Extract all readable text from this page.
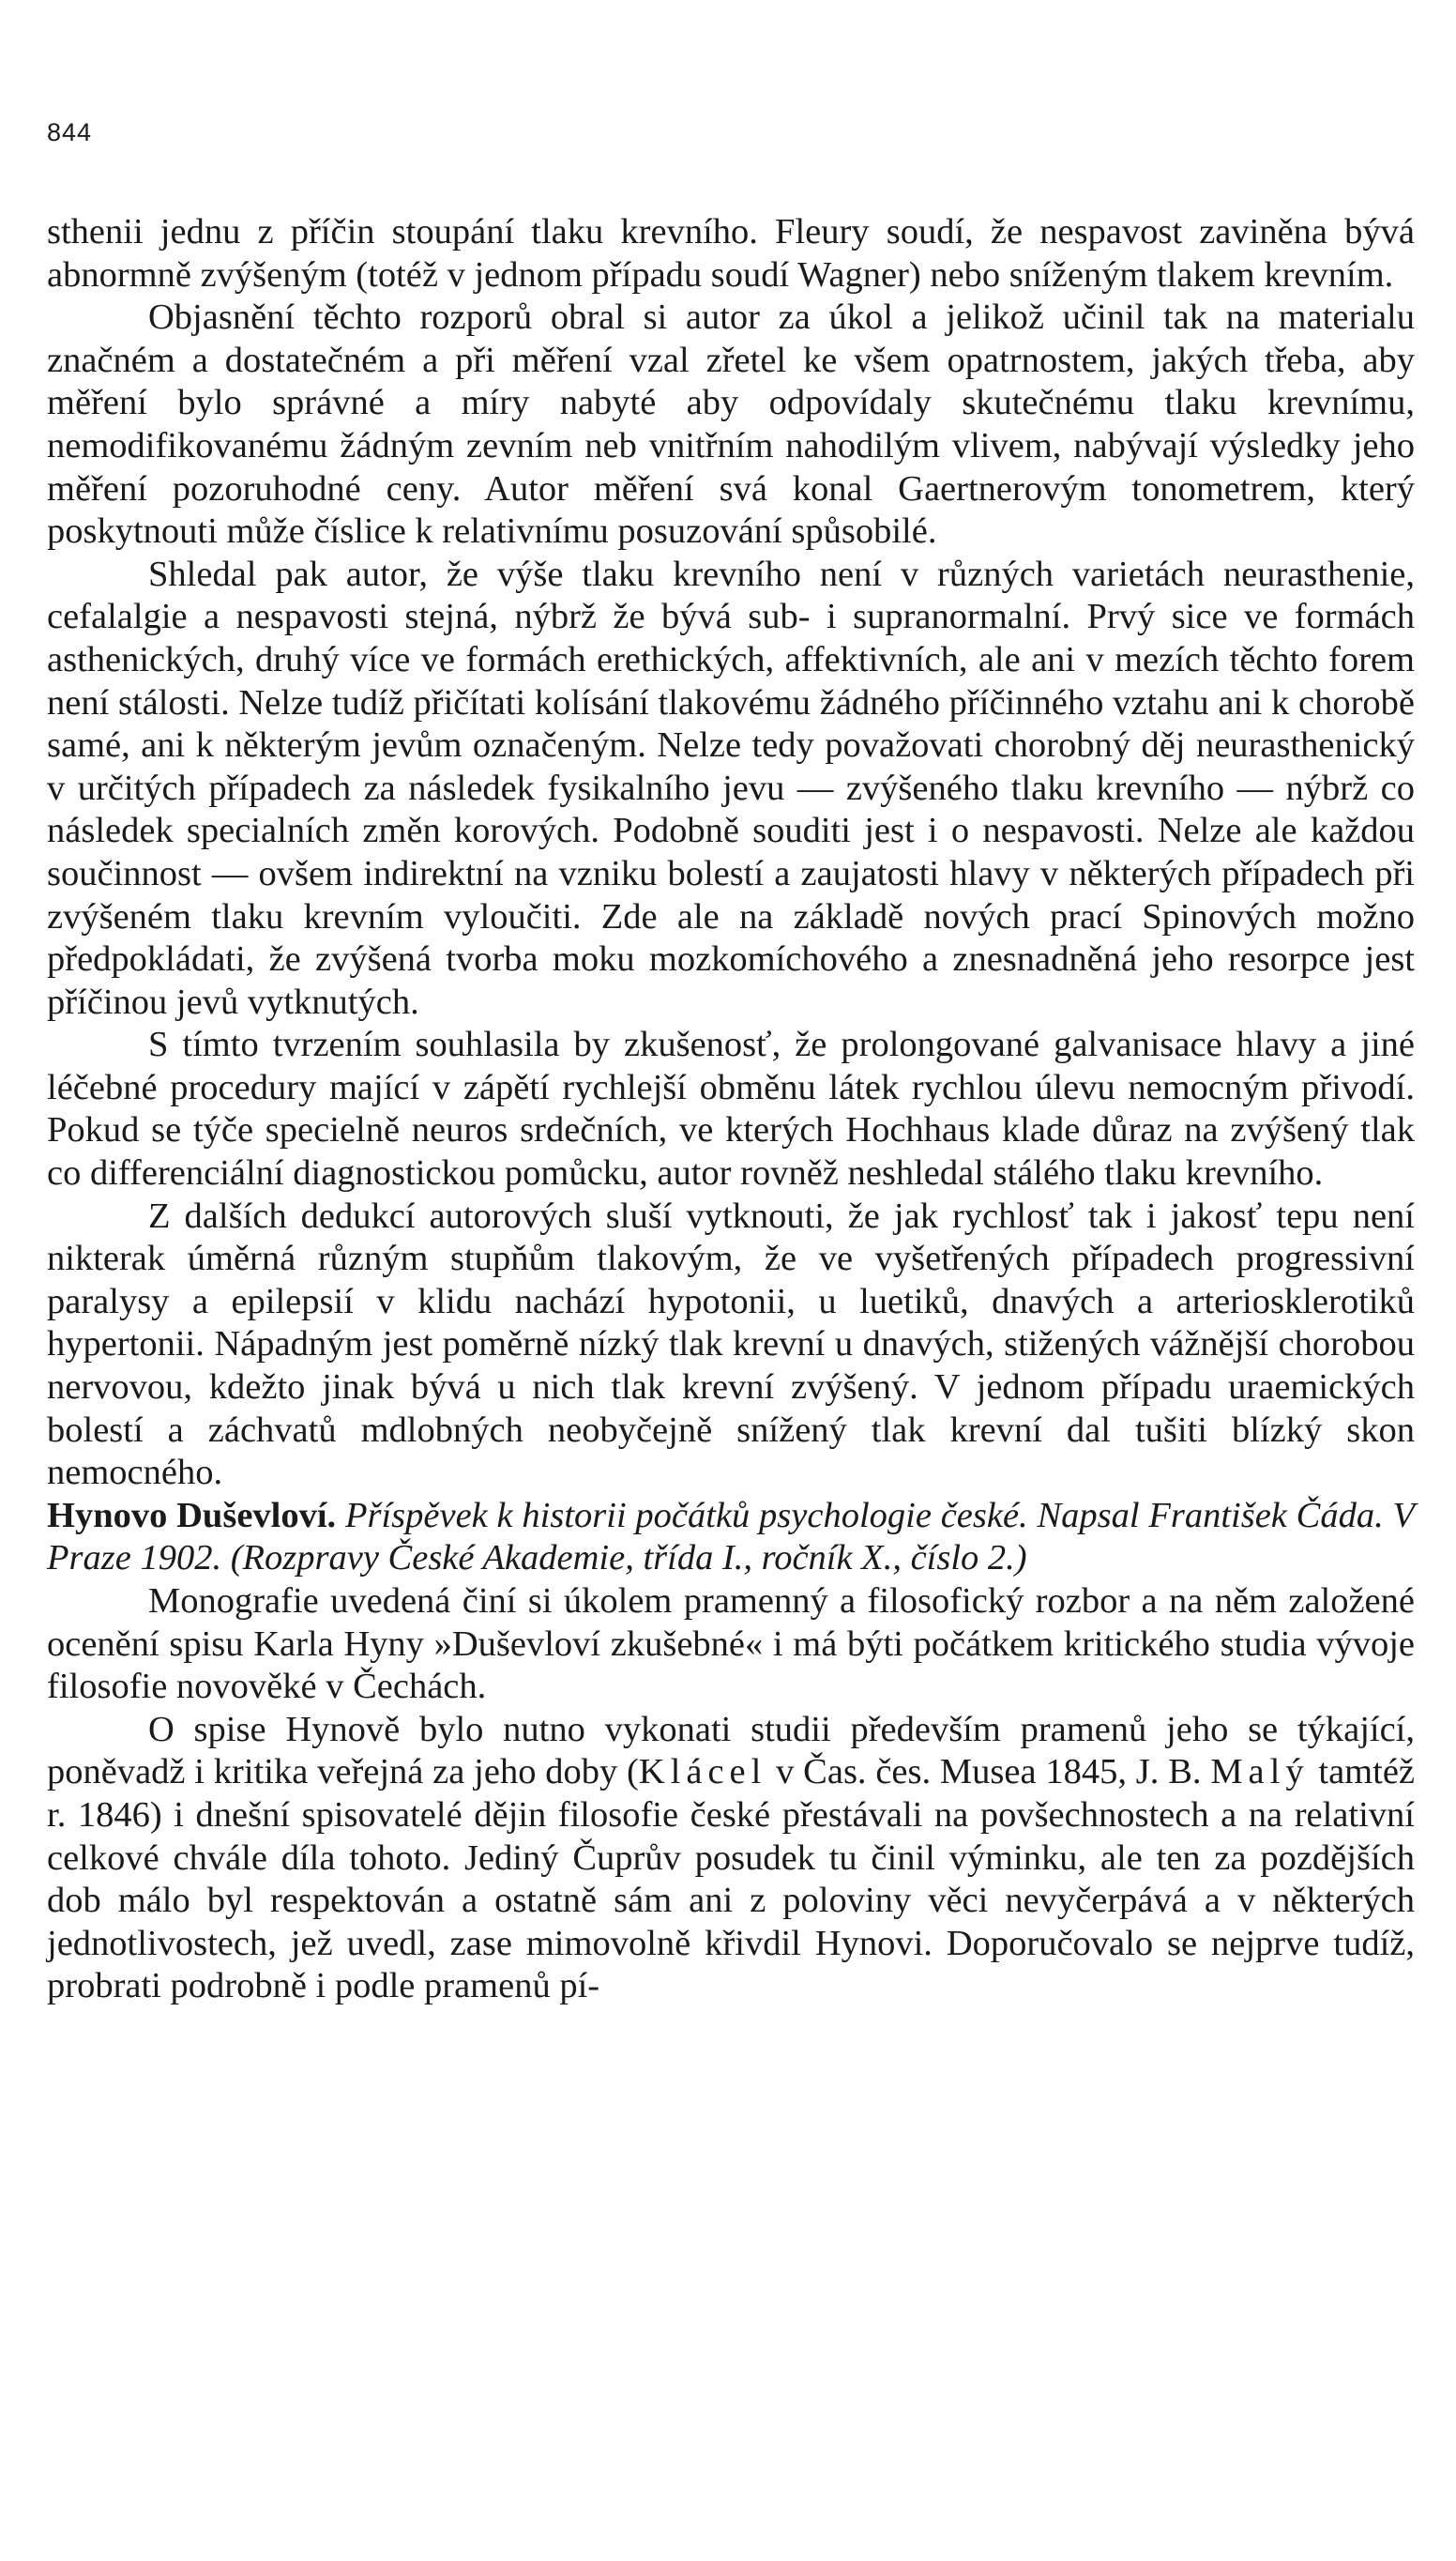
844

sthenii jednu z příčin stoupání tlaku krevního. Fleury soudí, že nespavost zaviněna bývá abnormně zvýšeným (totéž v jednom případu soudí Wagner) nebo sníženým tlakem krevním.

Objasnění těchto rozporů obral si autor za úkol a jelikož učinil tak na materialu značném a dostatečném a při měření vzal zřetel ke všem opatrnostem, jakých třeba, aby měření bylo správné a míry nabyté aby odpovídaly skutečnému tlaku krevnímu, nemodifikovanému žádným zevním neb vnitřním nahodilým vlivem, nabývají výsledky jeho měření pozoruhodné ceny. Autor měření svá konal Gaertnerovým tonometrem, který poskytnouti může číslice k relativnímu posuzování spůsobilé.

Shledal pak autor, že výše tlaku krevního není v různých varietách neurasthenie, cefalalgie a nespavosti stejná, nýbrž že bývá sub- i supranormalní. Prvý sice ve formách asthenických, druhý více ve formách erethických, affektivních, ale ani v mezích těchto forem není stálosti. Nelze tudíž přičítati kolísání tlakovému žádného příčinného vztahu ani k chorobě samé, ani k některým jevům označeným. Nelze tedy považovati chorobný děj neurasthenický v určitých případech za následek fysikalního jevu — zvýšeného tlaku krevního — nýbrž co následek specialních změn korových. Podobně souditi jest i o nespavosti. Nelze ale každou součinnost — ovšem indirektní na vzniku bolestí a zaujatosti hlavy v některých případech při zvýšeném tlaku krevním vyloučiti. Zde ale na základě nových prací Spinových možno předpokládati, že zvýšená tvorba moku mozkomíchového a znesnadněná jeho resorpce jest příčinou jevů vytknutých.

S tímto tvrzením souhlasila by zkušenosť, že prolongované galvanisace hlavy a jiné léčebné procedury mající v zápětí rychlejší obměnu látek rychlou úlevu nemocným přivodí. Pokud se týče specielně neuros srdečních, ve kterých Hochhaus klade důraz na zvýšený tlak co differenciální diagnostickou pomůcku, autor rovněž neshledal stálého tlaku krevního.

Z dalších dedukcí autorových sluší vytknouti, že jak rychlosť tak i jakosť tepu není nikterak úměrná různým stupňům tlakovým, že ve vyšetřených případech progressivní paralysy a epilepsií v klidu nachází hypotonii, u luetiků, dnavých a arteriosklerotiků hypertonii. Nápadným jest poměrně nízký tlak krevní u dnavých, stižených vážnější chorobou nervovou, kdežto jinak bývá u nich tlak krevní zvýšený. V jednom případu uraemických bolestí a záchvatů mdlobných neobyčejně snížený tlak krevní dal tušiti blízký skon nemocného.

Hynovo Duševloví. Příspěvek k historii počátků psychologie české. Napsal František Čáda. V Praze 1902. (Rozpravy České Akademie, třída I., ročník X., číslo 2.)

Monografie uvedená činí si úkolem pramenný a filosofický rozbor a na něm založené ocenění spisu Karla Hyny »Duševloví zkušebné« i má býti počátkem kritického studia vývoje filosofie novověké v Čechách.

O spise Hynově bylo nutno vykonati studii především pramenů jeho se týkající, poněvadž i kritika veřejná za jeho doby (Klácel v Čas. čes. Musea 1845, J. B. Malý tamtéž r. 1846) i dnešní spisovatelé dějin filosofie české přestávali na povšechnostech a na relativní celkové chvále díla tohoto. Jediný Čuprův posudek tu činil výminku, ale ten za pozdějších dob málo byl respektován a ostatně sám ani z poloviny věci nevyčerpává a v některých jednotlivostech, jež uvedl, zase mimovolně křivdil Hynovi. Doporučovalo se nejprve tudíž, probrati podrobně i podle pramenů pí-
